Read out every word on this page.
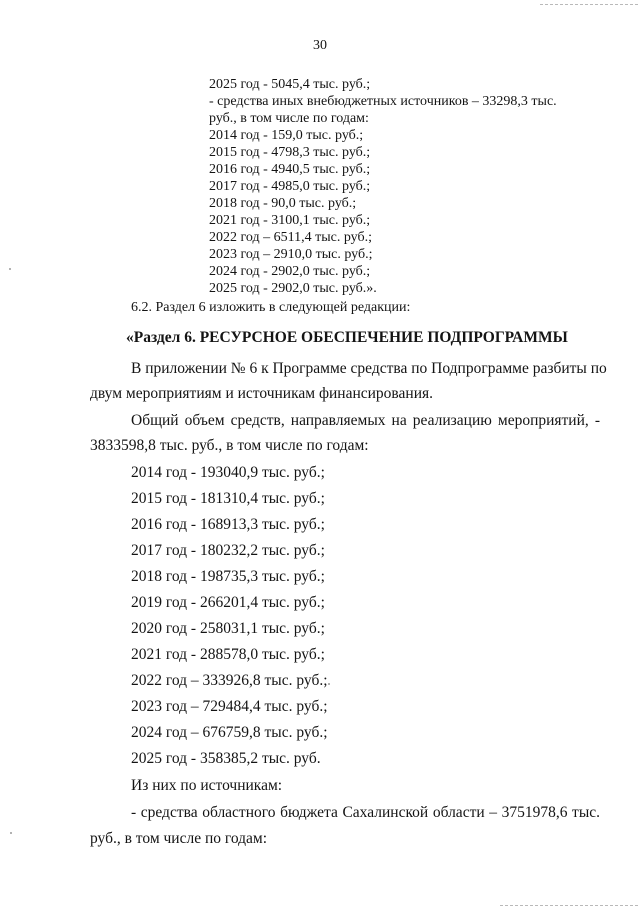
30
2025 год - 5045,4 тыс. руб.;
- средства иных внебюджетных источников – 33298,3 тыс.
руб., в том числе по годам:
2014 год - 159,0 тыс. руб.;
2015 год - 4798,3 тыс. руб.;
2016 год - 4940,5 тыс. руб.;
2017 год - 4985,0 тыс. руб.;
2018 год - 90,0 тыс. руб.;
2021 год - 3100,1 тыс. руб.;
2022 год – 6511,4 тыс. руб.;
2023 год – 2910,0 тыс. руб.;
2024 год - 2902,0 тыс. руб.;
2025 год - 2902,0 тыс. руб.».
6.2. Раздел 6 изложить в следующей редакции:
«Раздел 6. РЕСУРСНОЕ ОБЕСПЕЧЕНИЕ ПОДПРОГРАММЫ
В приложении № 6 к Программе средства по Подпрограмме разбиты по
двум мероприятиям и источникам финансирования.
Общий объем средств, направляемых на реализацию мероприятий, -
3833598,8 тыс. руб., в том числе по годам:
2014 год - 193040,9 тыс. руб.;
2015 год - 181310,4 тыс. руб.;
2016 год - 168913,3 тыс. руб.;
2017 год - 180232,2 тыс. руб.;
2018 год - 198735,3 тыс. руб.;
2019 год - 266201,4 тыс. руб.;
2020 год - 258031,1 тыс. руб.;
2021 год - 288578,0 тыс. руб.;
2022 год – 333926,8 тыс. руб.;
2023 год – 729484,4 тыс. руб.;
2024 год – 676759,8 тыс. руб.;
2025 год - 358385,2 тыс. руб.
Из них по источникам:
- средства областного бюджета Сахалинской области – 3751978,6 тыс.
руб., в том числе по годам:
